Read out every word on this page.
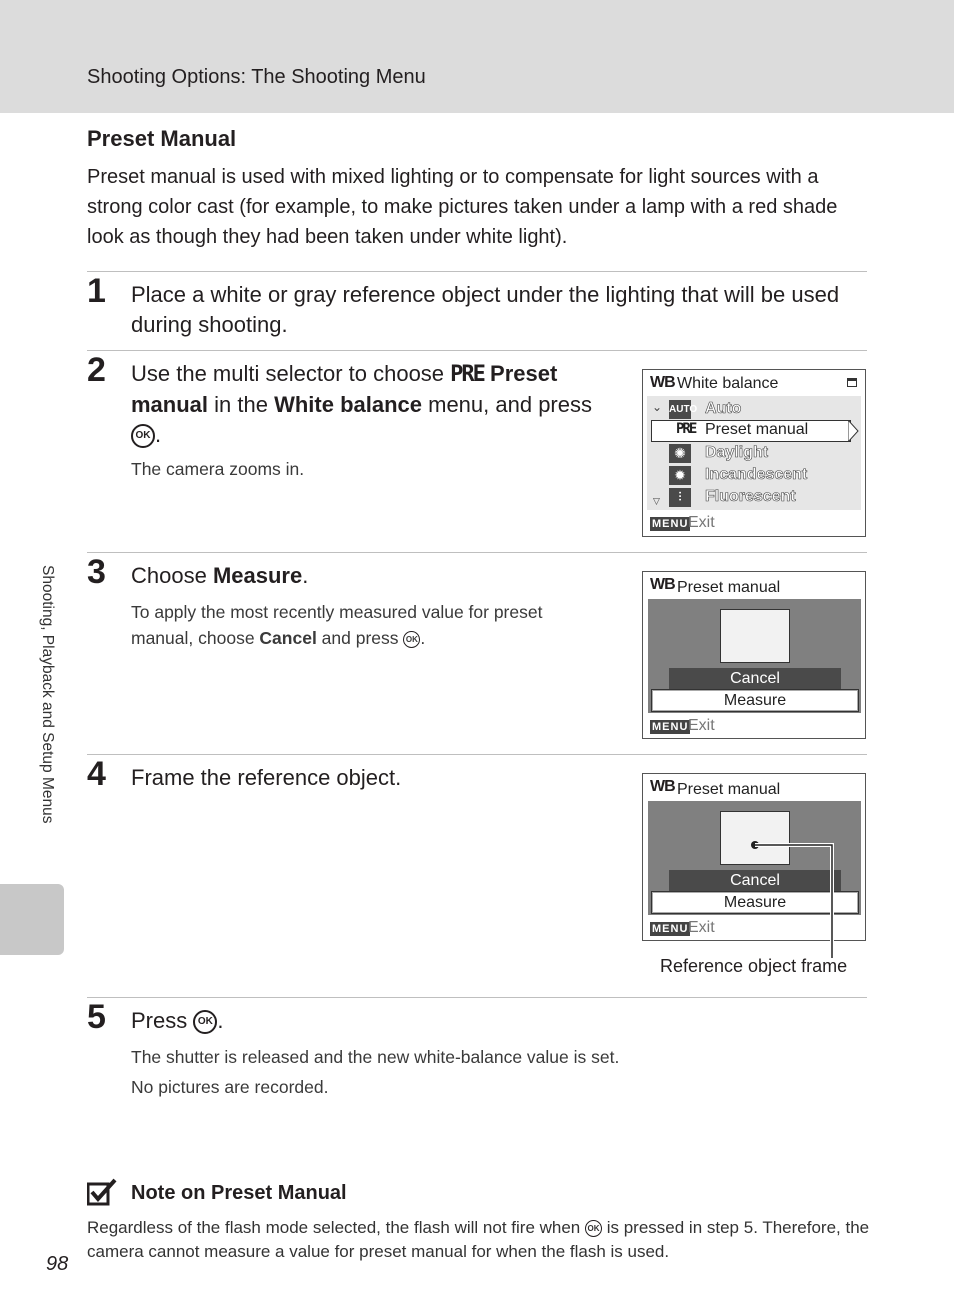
Shooting Options: The Shooting Menu
Preset Manual
Preset manual is used with mixed lighting or to compensate for light sources with a strong color cast (for example, to make pictures taken under a lamp with a red shade look as though they had been taken under white light).
1 Place a white or gray reference object under the lighting that will be used during shooting.
2 Use the multi selector to choose PRE Preset manual in the White balance menu, and press OK .
The camera zooms in.
WB White balance
⌄
▽
AUTO Auto
PRE Preset manual
✺	Daylight
✹	Incandescent
⫶	Fluorescent
MENU Exit
3 Choose Measure.
To apply the most recently measured value for preset manual, choose Cancel and press OK .
WB Preset manual
Cancel
Measure
MENU Exit
4 Frame the reference object.	WB Preset manual
Cancel
Measure
MENU Exit
Reference object frame
5 Press OK .
The shutter is released and the new white-balance value is set.
No pictures are recorded.
Note on Preset Manual
Regardless of the flash mode selected, the flash will not fire when OK is pressed in step 5. Therefore, the camera cannot measure a value for preset manual for when the flash is used.
Shooting, Playback and Setup Menus
98
